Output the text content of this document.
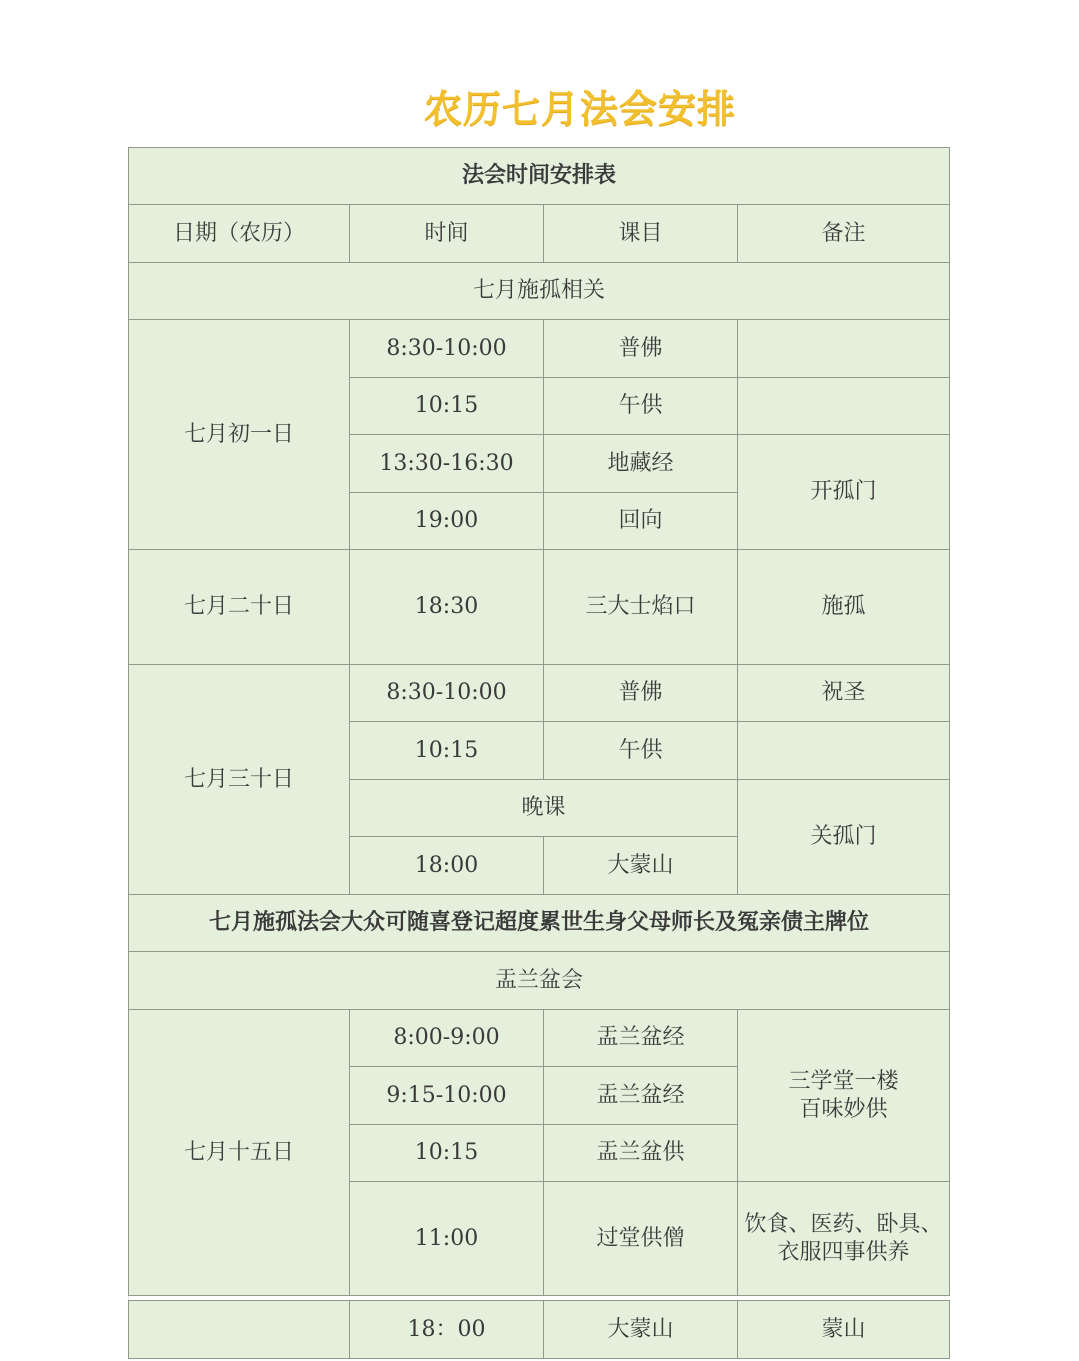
农历七月法会安排
法会时间安排表			
日期（农历）	时间	课目	备注
七月施孤相关			
七月初一日	8:30-10:00	普佛	
	10:15	午供	
	13:30-16:30	地藏经	开孤门
	19:00	回向	
七月二十日	18:30	三大士焰口	施孤
七月三十日	8:30-10:00	普佛	祝圣
	10:15	午供	
	晚课		关孤门
	18:00	大蒙山	
七月施孤法会大众可随喜登记超度累世生身父母师长及冤亲债主牌位			
盂兰盆会			
七月十五日	8:00-9:00	盂兰盆经	三学堂一楼
百味妙供

	9:15-10:00	盂兰盆经	
	10:15	盂兰盆供	
	11:00	过堂供僧	饮食、医药、卧具、
衣服四事供养

	18：00	大蒙山	蒙山
